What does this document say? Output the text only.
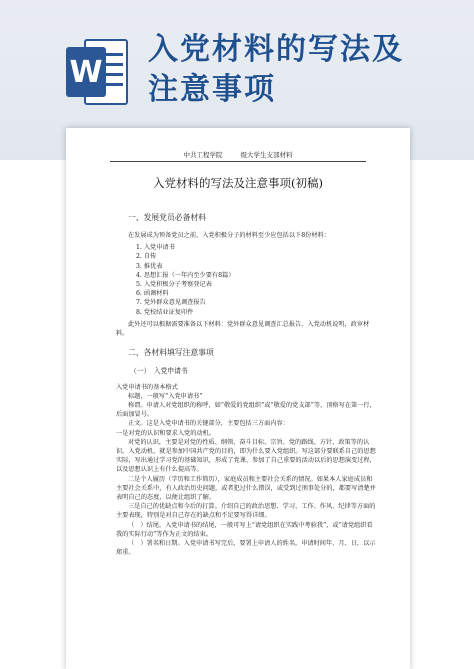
W
入党材料的写法及
注意事项
中共工程学院	级大学生支部材料
入党材料的写法及注意事项(初稿)
一、发展党员必备材料

在发展成为预备党员之前，入党积极分子的材料至少应包括以下8份材料：

1. 入党申请书
2. 自传
3. 推优表
4. 思想汇报（一年内至少要有8篇）
5. 入党积极分子考察登记表
6. 函调材料
7. 党外群众意见调查报告
8. 党校结业证复印件

此外还可以根据需要准备以下材料：党外群众意见调查汇总报告，入党动机说明，政审材料。

二、各材料填写注意事项
（一）　入党申请书

入党申请书的基本格式

标题，一般写“入党申请书”

称谓。申请人对党组织的称呼，如“敬爱的党组织”或“敬爱的党支部”等，顶格写在第一行，后面加冒号。

正文。这是入党申请书的关键部分，主要包括三方面内容：

一是对党的认识和要求入党的动机。

对党的认识，主要是对党的性质、纲领、奋斗目标、宗旨、党的路线、方针、政策等的认识。入党动机，就是参加中国共产党的目的，即为什么要入党组织。写这部分要联系自己的思想实际，写出通过学习党的基础知识，形成了党课、参加了自己重要的活动以后的思想演变过程，以及思想认识上有什么提高等。

二是个人履历（学历和工作简历），家庭成员和主要社会关系的情况。如果本人家庭成员和主要社会关系中，有人政治历史问题，或者犯过什么错误，或受到过刑事处分的，都要写清楚并表明自己的态度，以便让组织了解。

三是自己的优缺点和今后的打算。介绍自己的政治思想、学习、工作、作风、纪律等方面的主要表现，特别是对自己存在的缺点和不足要写得详细。

（　）结尾。入党申请书的结尾，一般可写上“请党组织在实践中考验我”，或“请党组织看我的实际行动”等作为正文的结束。

（　）署名和日期。入党申请书写完后，要署上申请人的姓名，申请时间年、月、日，以示郑重。
